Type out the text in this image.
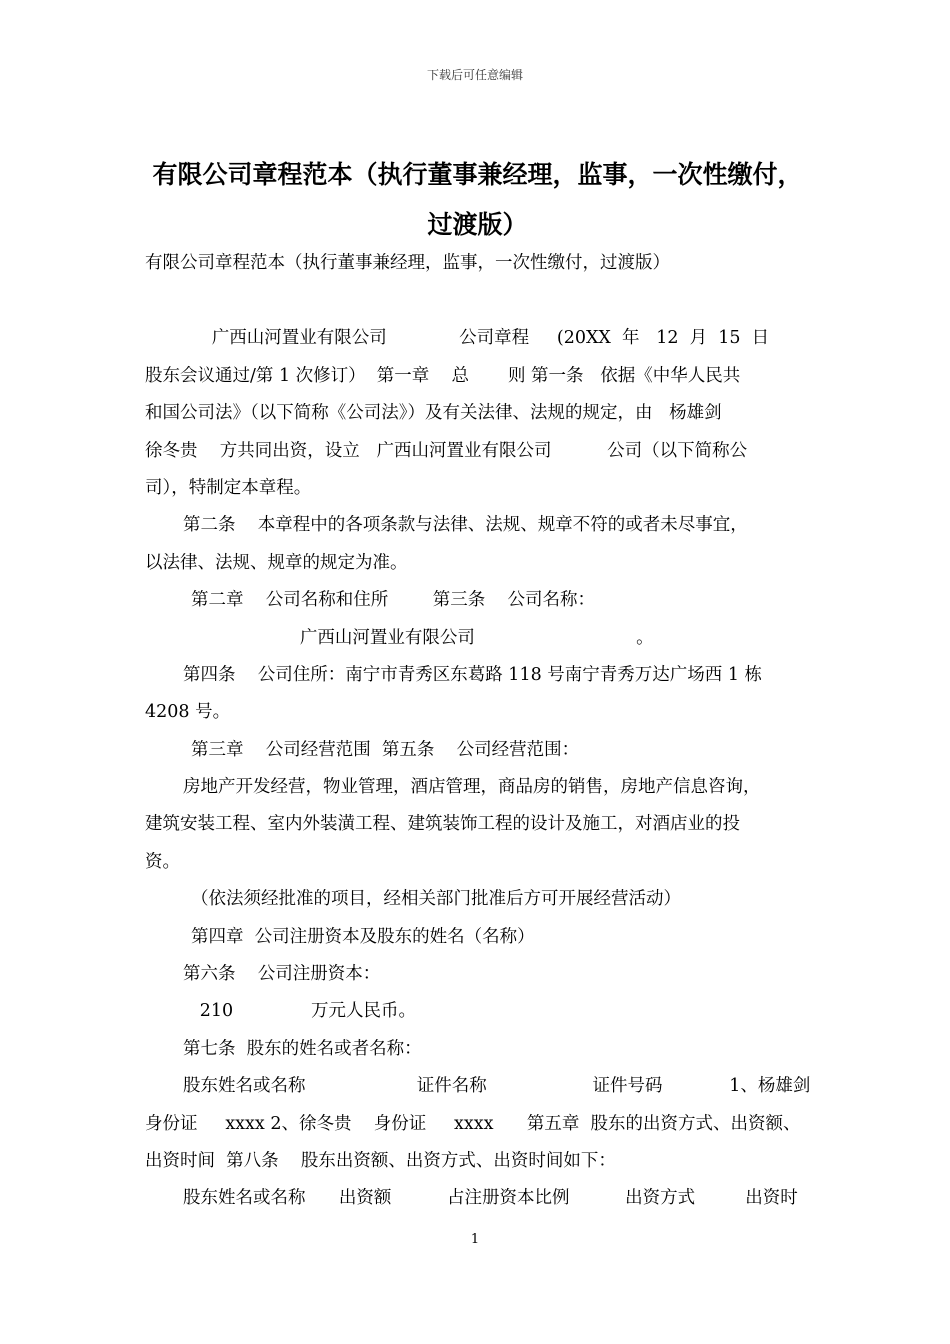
下载后可任意编辑
有限公司章程范本（执行董事兼经理，监事，一次性缴付，
过渡版）
有限公司章程范本（执行董事兼经理，监事，一次性缴付，过渡版）
广西山河置业有限公司             公司章程     (20XX  年   12  月  15  日
股东会议通过/第 1 次修订）  第一章    总       则 第一条   依据《中华人民共
和国公司法》（以下简称《公司法》）及有关法律、法规的规定，由   杨雄剑
徐冬贵    方共同出资，设立   广西山河置业有限公司          公司（以下简称公
司），特制定本章程。
第二条    本章程中的各项条款与法律、法规、规章不符的或者未尽事宜，
以法律、法规、规章的规定为准。
第二章    公司名称和住所        第三条    公司名称：
广西山河置业有限公司                             。
第四条    公司住所：南宁市青秀区东葛路 118 号南宁青秀万达广场西 1 栋
4208 号。
第三章    公司经营范围  第五条    公司经营范围：
房地产开发经营，物业管理，酒店管理，商品房的销售，房地产信息咨询，
建筑安装工程、室内外装潢工程、建筑装饰工程的设计及施工，对酒店业的投
资。
（依法须经批准的项目，经相关部门批准后方可开展经营活动）
第四章  公司注册资本及股东的姓名（名称）
第六条    公司注册资本：
210              万元人民币。
第七条  股东的姓名或者名称：
股东姓名或名称                    证件名称                   证件号码            1、杨雄剑
身份证     xxxx 2、徐冬贵    身份证     xxxx      第五章  股东的出资方式、出资额、
出资时间  第八条    股东出资额、出资方式、出资时间如下：
股东姓名或名称      出资额          占注册资本比例          出资方式         出资时
1
